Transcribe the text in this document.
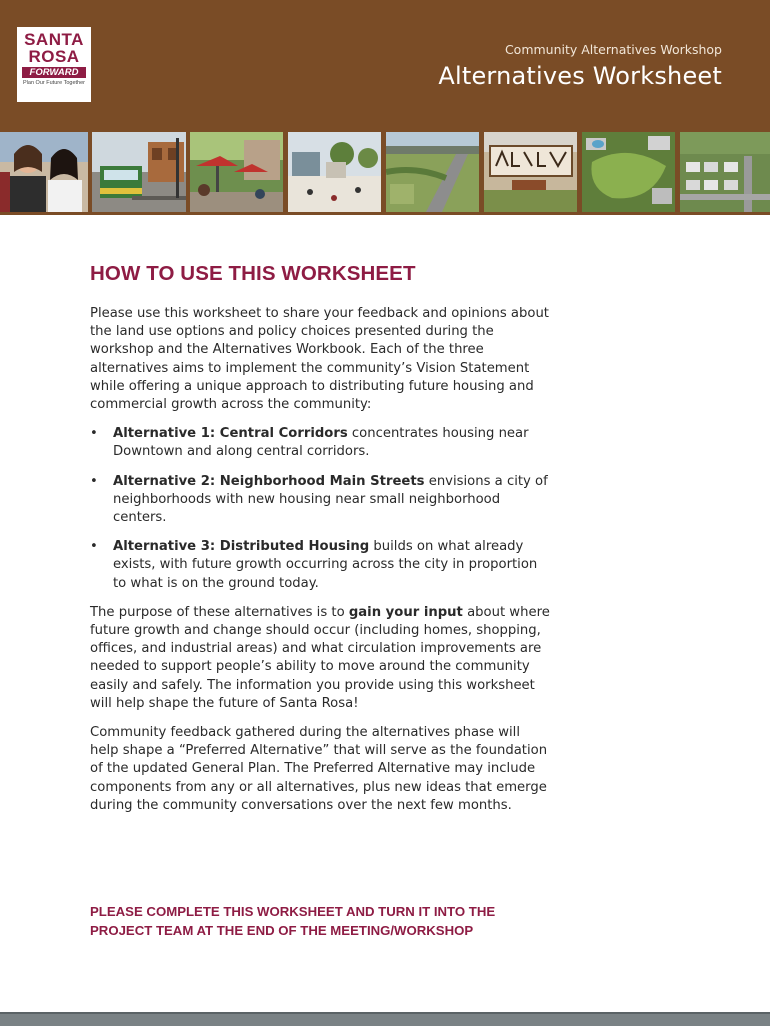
SANTA
ROSA
FORWARD
Plan Our Future Together
Community Alternatives Workshop
Alternatives Worksheet
HOW TO USE THIS WORKSHEET

Please use this worksheet to share your feedback and opinions about the land use options and policy choices presented during the workshop and the Alternatives Workbook. Each of the three alternatives aims to implement the community’s Vision Statement while offering a unique approach to distributing future housing and commercial growth across the community:

• Alternative 1: Central Corridors concentrates housing near Downtown and along central corridors.
• Alternative 2: Neighborhood Main Streets envisions a city of neighborhoods with new housing near small neighborhood centers.
• Alternative 3: Distributed Housing builds on what already exists, with future growth occurring across the city in proportion to what is on the ground today.

The purpose of these alternatives is to gain your input about where future growth and change should occur (including homes, shopping, offices, and industrial areas) and what circulation improvements are needed to support people’s ability to move around the community easily and safely. The information you provide using this worksheet will help shape the future of Santa Rosa!

Community feedback gathered during the alternatives phase will help shape a “Preferred Alternative” that will serve as the foundation of the updated General Plan. The Preferred Alternative may include components from any or all alternatives, plus new ideas that emerge during the community conversations over the next few months.

PLEASE COMPLETE THIS WORKSHEET AND TURN IT INTO THE PROJECT TEAM AT THE END OF THE MEETING/WORKSHOP
